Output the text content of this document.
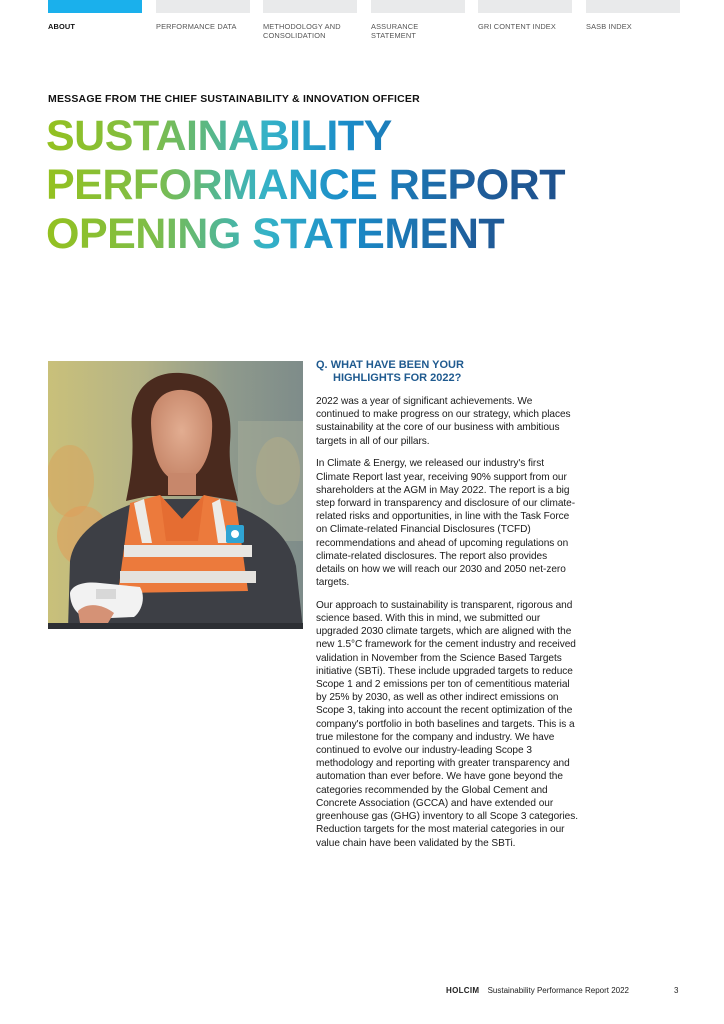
ABOUT	PERFORMANCE DATA	METHODOLOGY AND CONSOLIDATION
ASSURANCE STATEMENT
GRI CONTENT INDEX	SASB INDEX
MESSAGE FROM THE CHIEF SUSTAINABILITY & INNOVATION OFFICER
SUSTAINABILITY
PERFORMANCE REPORT
OPENING STATEMENT
Q. WHAT HAVE BEEN YOUR
HIGHLIGHTS FOR 2022?

2022 was a year of significant achievements. We continued to make progress on our strategy, which places sustainability at the core of our business with ambitious targets in all of our pillars.

In Climate & Energy, we released our industry's first Climate Report last year, receiving 90% support from our shareholders at the AGM in May 2022. The report is a big step forward in transparency and disclosure of our climate-related risks and opportunities, in line with the Task Force on Climate-related Financial Disclosures (TCFD) recommendations and ahead of upcoming regulations on climate-related disclosures. The report also provides details on how we will reach our 2030 and 2050 net-zero targets.

Our approach to sustainability is transparent, rigorous and science based. With this in mind, we submitted our upgraded 2030 climate targets, which are aligned with the new 1.5°C framework for the cement industry and received validation in November from the Science Based Targets initiative (SBTi). These include upgraded targets to reduce Scope 1 and 2 emissions per ton of cementitious material by 25% by 2030, as well as other indirect emissions on Scope 3, taking into account the recent optimization of the company's portfolio in both baselines and targets. This is a true milestone for the company and industry. We have continued to evolve our industry-leading Scope 3 methodology and reporting with greater transparency and automation than ever before. We have gone beyond the categories recommended by the Global Cement and Concrete Association (GCCA) and have extended our greenhouse gas (GHG) inventory to all Scope 3 categories. Reduction targets for the most material categories in our value chain have been validated by the SBTi.

HOLCIM Sustainability Performance Report 2022	3
